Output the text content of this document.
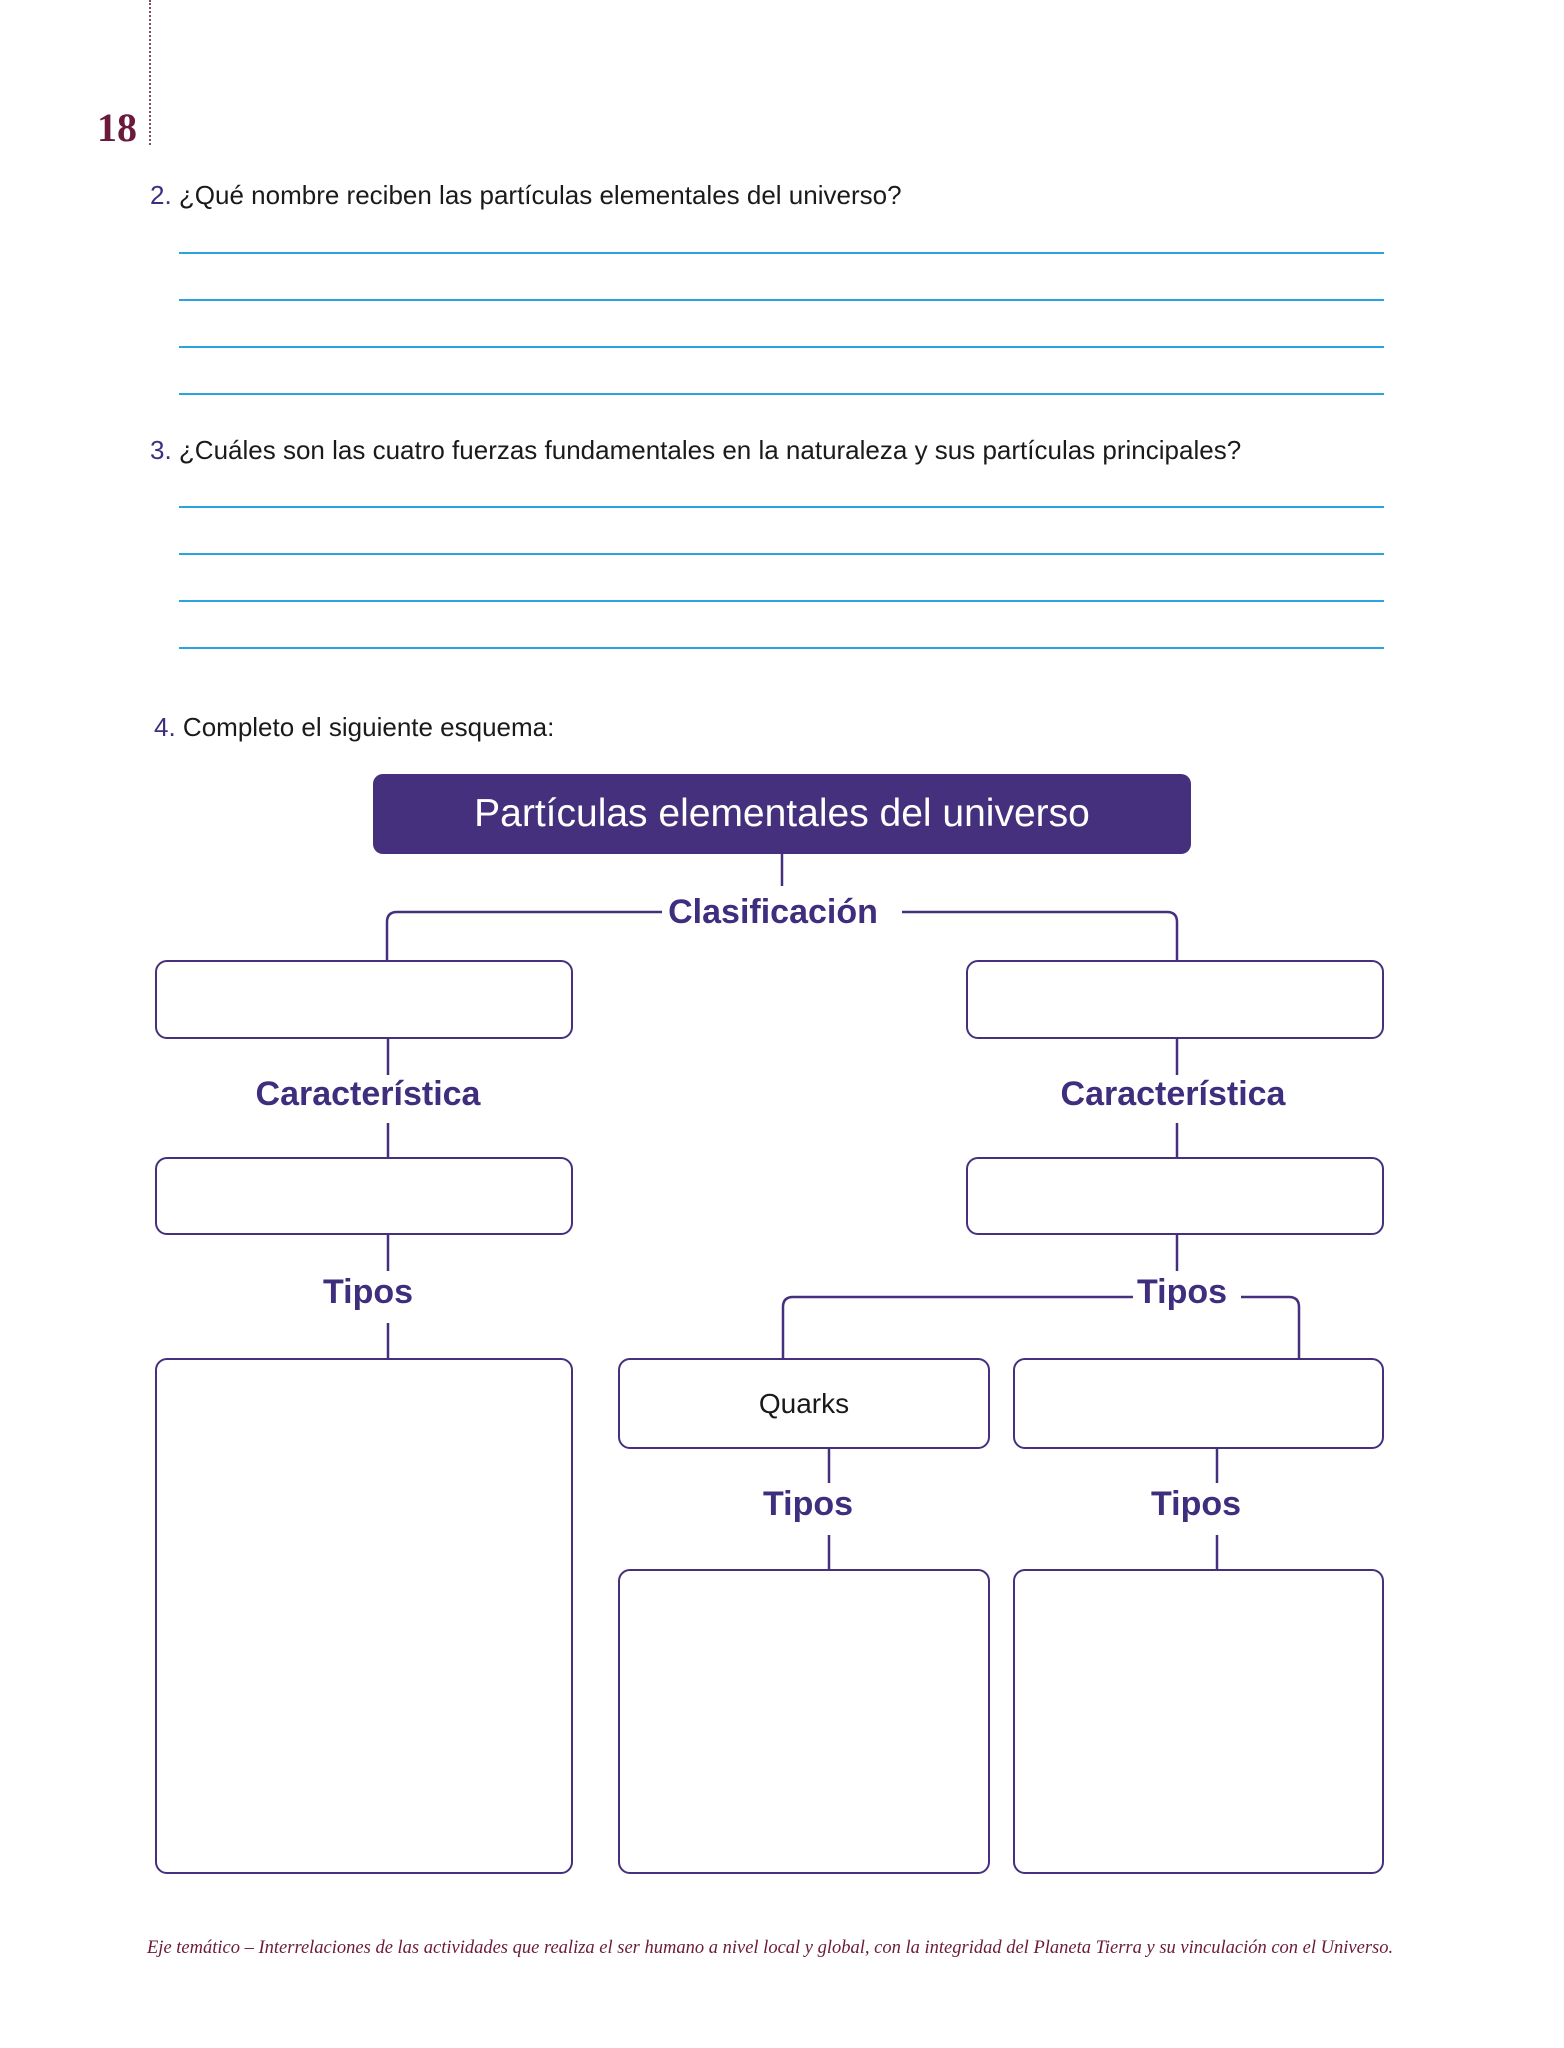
18
2. ¿Qué nombre reciben las partículas elementales del universo?
3. ¿Cuáles son las cuatro fuerzas fundamentales en la naturaleza y sus partículas principales?
4. Completo el siguiente esquema:
Partículas elementales del universo
Clasificación
Característica	Característica
Tipos	Tipos
Quarks
Tipos	Tipos
Eje temático – Interrelaciones de las actividades que realiza el ser humano a nivel local y global, con la integridad del Planeta Tierra y su vinculación con el Universo.
